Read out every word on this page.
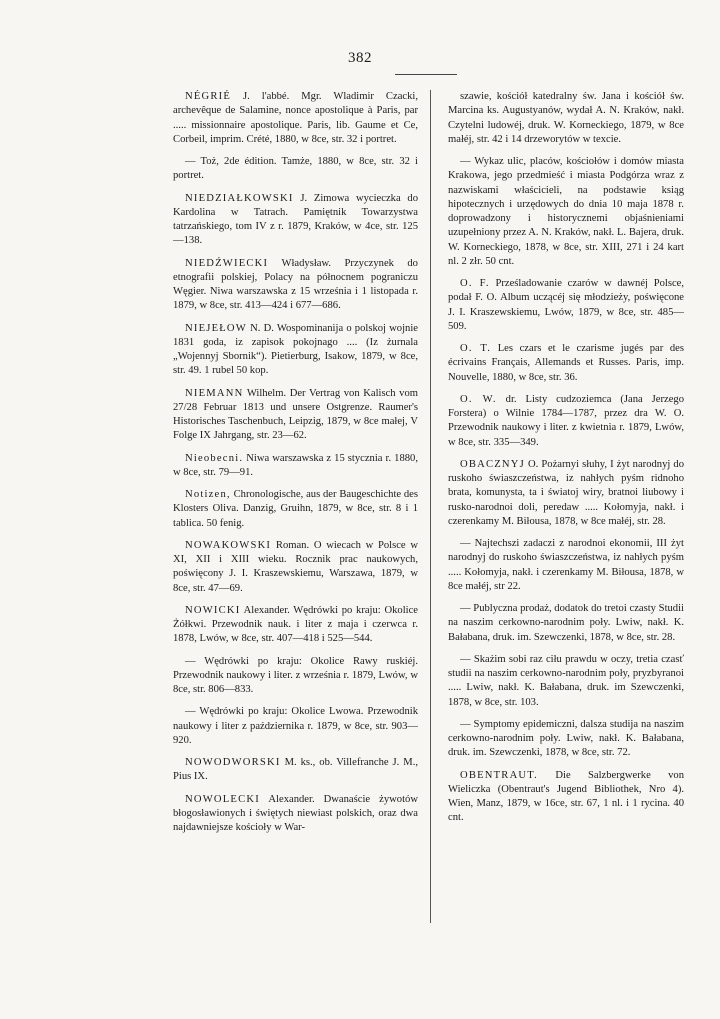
382

NÉGRIÉ J. l'abbé. Mgr. Wladimir Czacki, archevêque de Salamine, nonce apostolique à Paris, par ..... missionnaire apostolique. Paris, lib. Gaume et Ce, Corbeil, imprim. Crété, 1880, w 8ce, str. 32 i portret.

— Toż, 2de édition. Tamże, 1880, w 8ce, str. 32 i portret.

NIEDZIAŁKOWSKI J. Zimowa wycieczka do Kardolina w Tatrach. Pamiętnik Towarzystwa tatrzańskiego, tom IV z r. 1879, Kraków, w 4ce, str. 125—138.

NIEDŹWIECKI Władysław. Przyczynek do etnografii polskiej, Polacy na północnem pograniczu Węgier. Niwa warszawska z 15 września i 1 listopada r. 1879, w 8ce, str. 413—424 i 677—686.

NIEJEŁOW N. D. Wospominanija o polskoj wojnie 1831 goda, iz zapisok pokojnago .... (Iz żurnala „Wojennyj Sbornik“). Pietierburg, Isakow, 1879, w 8ce, str. 49. 1 rubel 50 kop.

NIEMANN Wilhelm. Der Vertrag von Kalisch vom 27/28 Februar 1813 und unsere Ostgrenze. Raumer's Historisches Taschenbuch, Leipzig, 1879, w 8ce małej, V Folge IX Jahrgang, str. 23—62.

Nieobecni. Niwa warszawska z 15 stycznia r. 1880, w 8ce, str. 79—91.

Notizen, Chronologische, aus der Baugeschichte des Klosters Oliva. Danzig, Gruihn, 1879, w 8ce, str. 8 i 1 tablica. 50 fenig.

NOWAKOWSKI Roman. O wiecach w Polsce w XI, XII i XIII wieku. Rocznik prac naukowych, poświęcony J. I. Kraszewskiemu, Warszawa, 1879, w 8ce, str. 47—69.

NOWICKI Alexander. Wędrówki po kraju: Okolice Żółkwi. Przewodnik nauk. i liter z maja i czerwca r. 1878, Lwów, w 8ce, str. 407—418 i 525—544.

— Wędrówki po kraju: Okolice Rawy ruskiéj. Przewodnik naukowy i liter. z września r. 1879, Lwów, w 8ce, str. 806—833.

— Wędrówki po kraju: Okolice Lwowa. Przewodnik naukowy i liter z października r. 1879, w 8ce, str. 903—920.

NOWODWORSKI M. ks., ob. Villefranche J. M., Pius IX.

NOWOLECKI Alexander. Dwanaście żywotów błogosławionych i świętych niewiast polskich, oraz dwa najdawniejsze kościoły w War-

szawie, kościół katedralny św. Jana i kościół św. Marcina ks. Augustyanów, wydał A. N. Kraków, nakł. Czytelni ludowéj, druk. W. Korneckiego, 1879, w 8ce małéj, str. 42 i 14 drzeworytów w texcie.

— Wykaz ulic, placów, kościołów i domów miasta Krakowa, jego przedmieść i miasta Podgórza wraz z nazwiskami właścicieli, na podstawie ksiąg hipotecznych i urzędowych do dnia 10 maja 1878 r. doprowadzony i historycznemi objaśnieniami uzupełniony przez A. N. Kraków, nakł. L. Bajera, druk. W. Korneckiego, 1878, w 8ce, str. XIII, 271 i 24 kart nl. 2 złr. 50 cnt.

O. F. Prześladowanie czarów w dawnéj Polsce, podał F. O. Album uczącéj się młodzieży, poświęcone J. I. Kraszewskiemu, Lwów, 1879, w 8ce, str. 485—509.

O. T. Les czars et le czarisme jugés par des écrivains Français, Allemands et Russes. Paris, imp. Nouvelle, 1880, w 8ce, str. 36.

O. W. dr. Listy cudzoziemca (Jana Jerzego Forstera) o Wilnie 1784—1787, przez dra W. O. Przewodnik naukowy i liter. z kwietnia r. 1879, Lwów, w 8ce, str. 335—349.

OBACZNYJ O. Pożarnyi słuhy, I żyt narodnyj do ruskoho świaszczeństwa, iz nahłych pyśm ridnoho brata, komunysta, ta i światoj wiry, bratnoi liubowy i rusko-narodnoi doli, peredaw ..... Kołomyja, nakł. i czerenkamy M. Biłousa, 1878, w 8ce małéj, str. 28.

— Najtechszi zadaczi z narodnoi ekonomii, III żyt narodnyj do ruskoho świaszczeństwa, iz nahłych pyśm ..... Kołomyja, nakł. i czerenkamy M. Biłousa, 1878, w 8ce małéj, str 22.

— Publyczna prodaż, dodatok do tretoi czasty Studii na naszim cerkowno-narodnim poły. Lwiw, nakł. K. Bałabana, druk. im. Szewczenki, 1878, w 8ce, str. 28.

— Skażim sobi raz ciłu prawdu w oczy, tretia czasť studii na naszim cerkowno-narodnim poły, pryzbyranoi ..... Lwiw, nakł. K. Bałabana, druk. im Szewczenki, 1878, w 8ce, str. 103.

— Symptomy epidemiczni, dalsza studija na naszim cerkowno-narodnim poły. Lwiw, nakł. K. Bałabana, druk. im. Szewczenki, 1878, w 8ce, str. 72.

OBENTRAUT. Die Salzbergwerke von Wieliczka (Obentraut's Jugend Bibliothek, Nro 4). Wien, Manz, 1879, w 16ce, str. 67, 1 nl. i 1 rycina. 40 cnt.
